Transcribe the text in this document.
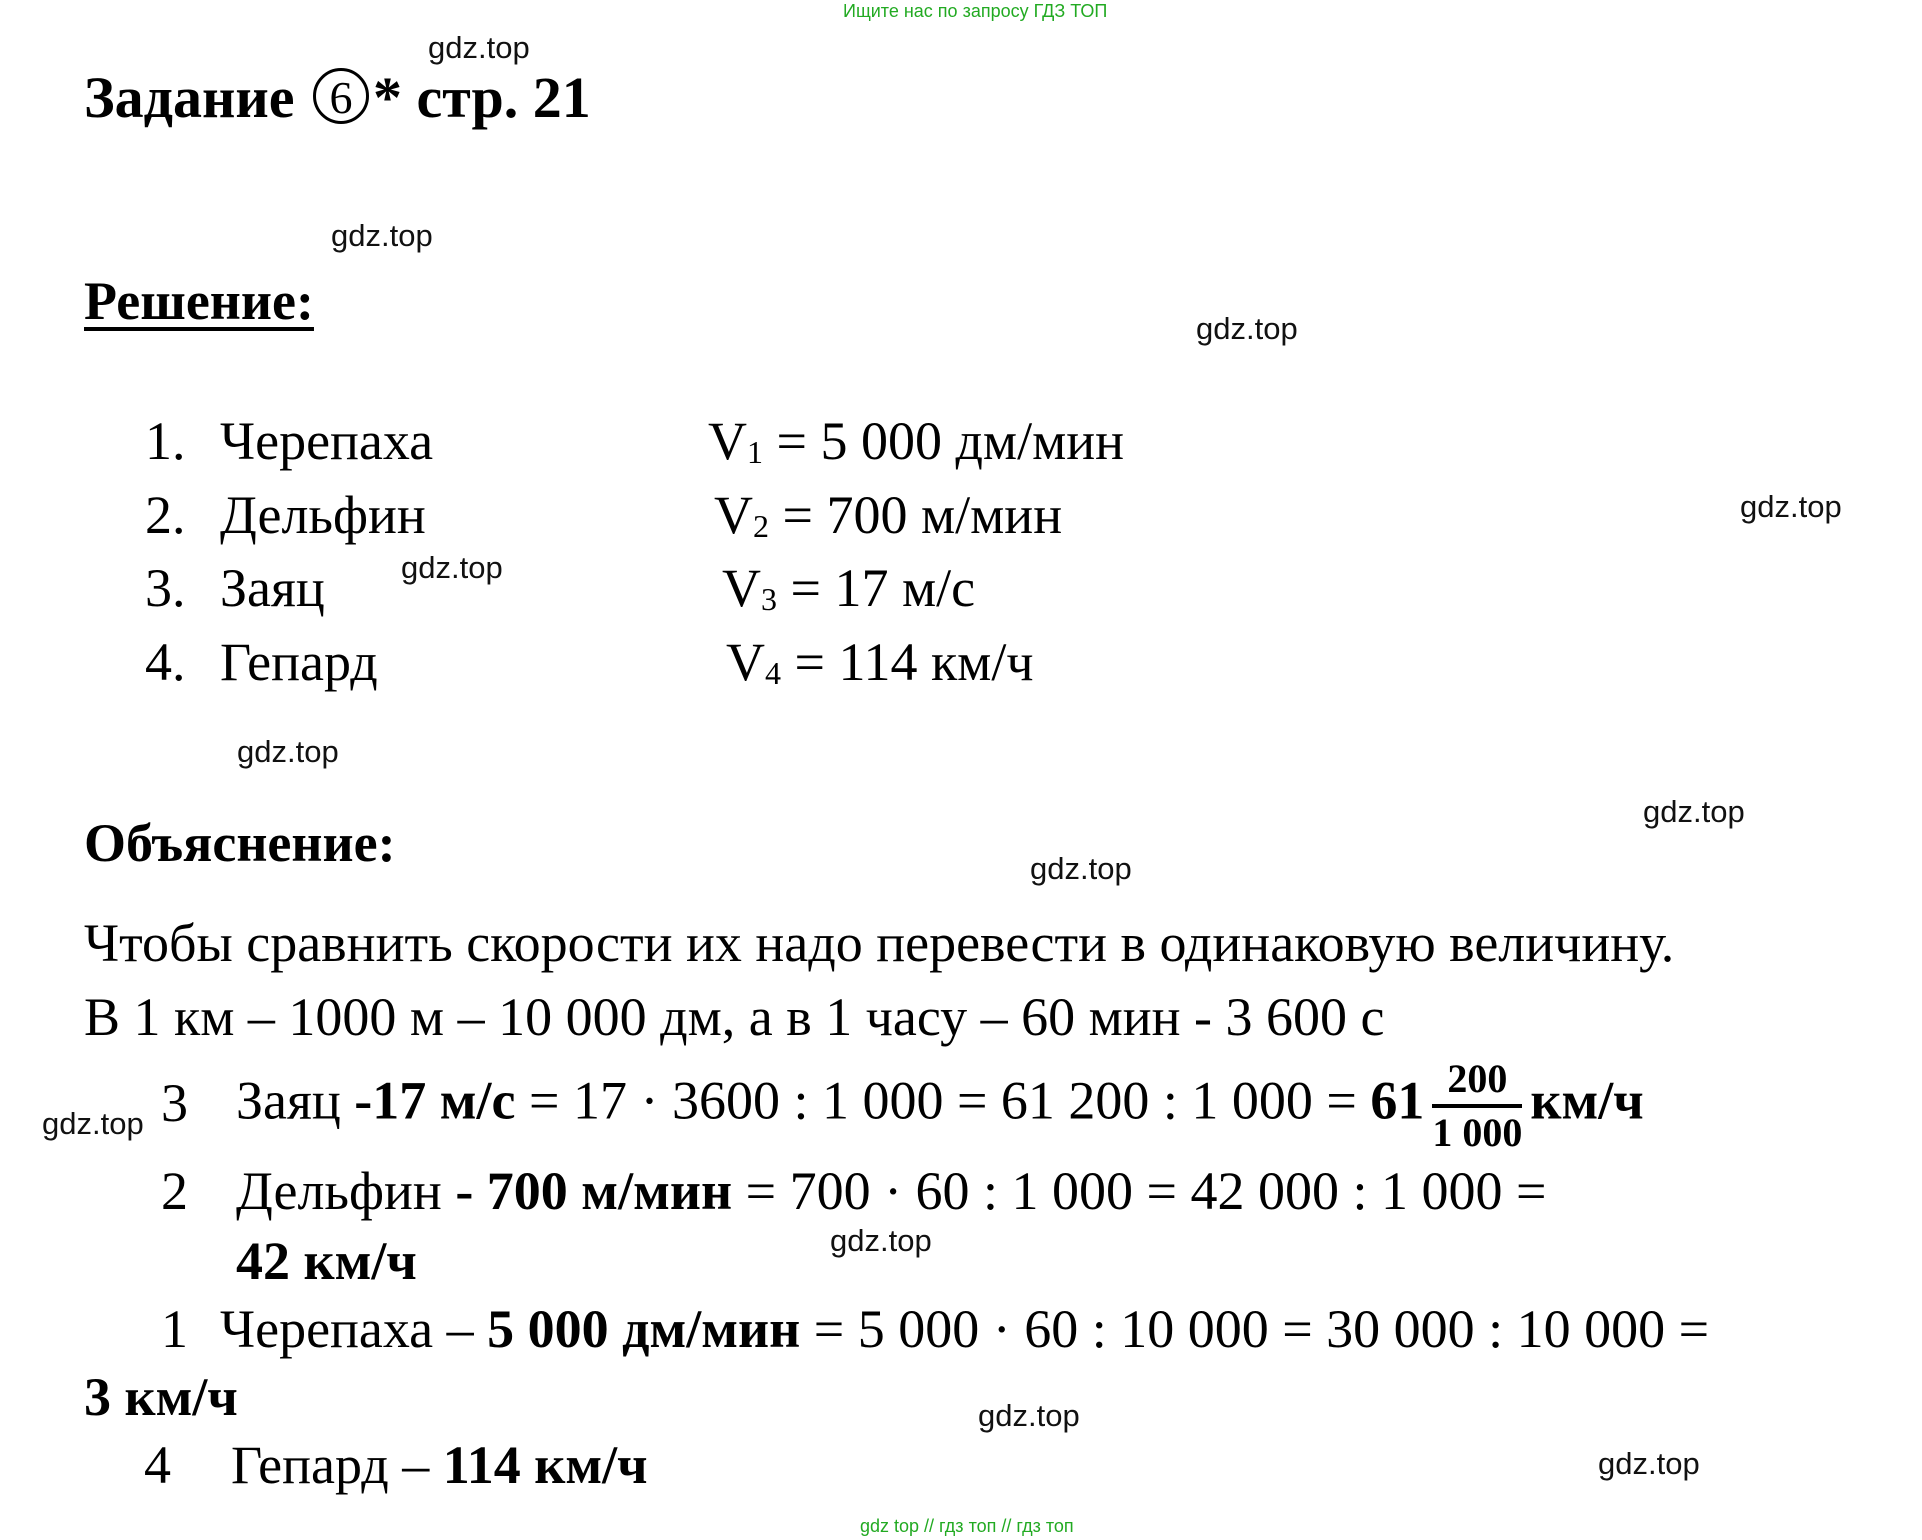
Ищите нас по запросу ГДЗ ТОП
Задание 6 * стр. 21
Решение:
1. Черепаха	V1 = 5 000 дм/мин
2. Дельфин	V2 = 700 м/мин
3. Заяц	V3 = 17 м/с
4. Гепард	V4 = 114 км/ч
Объяснение:
Чтобы сравнить скорости их надо перевести в одинаковую величину.
В 1 км – 1000 м – 10 000 дм, а в 1 часу – 60 мин - 3 600 с
3 Заяц -17 м/с = 17 · 3600 : 1 000 = 61 200 : 1 $000 = 61 \frac{200}{1 000} км/ч$
2 Дельфин - 700 м/мин = 700 · 60 : 1 000 = 42 000 : 1 000 =
42 км/ч
1 Черепаха – 5 000 дм/мин = 5 000 · 60 : 10 000 = 30 000 : 10 000 =
3 км/ч
4 Гепард – 114 км/ч
gdz.top
gdz.top
gdz.top
gdz.top
gdz.top
gdz.top
gdz.top
gdz.top
gdz.top
gdz.top
gdz.top
gdz.top
gdz top // гдз топ // гдз топ
